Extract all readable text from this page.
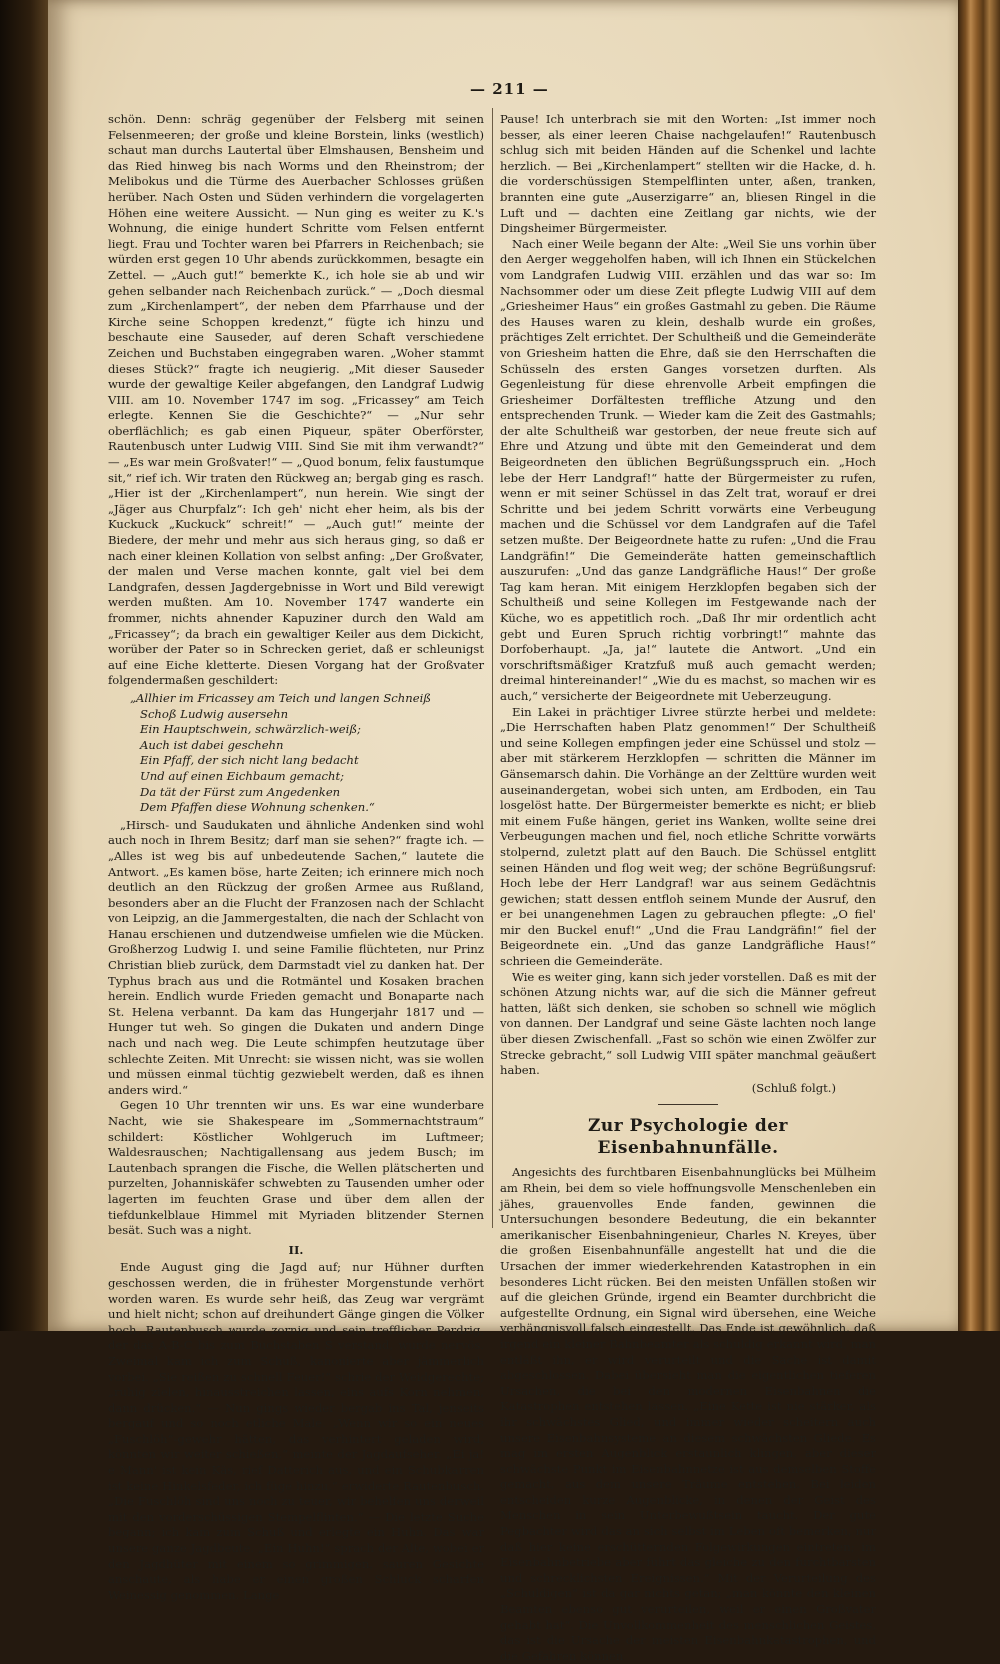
— 211 —

schön. Denn: schräg gegenüber der Felsberg mit seinen Felsenmeeren; der große und kleine Borstein, links (westlich) schaut man durchs Lautertal über Elmshausen, Bensheim und das Ried hinweg bis nach Worms und den Rheinstrom; der Melibokus und die Türme des Auerbacher Schlosses grüßen herüber. Nach Osten und Süden verhindern die vorgelagerten Höhen eine weitere Aussicht. — Nun ging es weiter zu K.'s Wohnung, die einige hundert Schritte vom Felsen entfernt liegt. Frau und Tochter waren bei Pfarrers in Reichenbach; sie würden erst gegen 10 Uhr abends zurückkommen, besagte ein Zettel. — „Auch gut!“ bemerkte K., ich hole sie ab und wir gehen selbander nach Reichenbach zurück.“ — „Doch diesmal zum „Kirchenlampert“, der neben dem Pfarrhause und der Kirche seine Schoppen kredenzt,“ fügte ich hinzu und beschaute eine Sauseder, auf deren Schaft verschiedene Zeichen und Buchstaben eingegraben waren. „Woher stammt dieses Stück?“ fragte ich neugierig. „Mit dieser Sauseder wurde der gewaltige Keiler abgefangen, den Landgraf Ludwig VIII. am 10. November 1747 im sog. „Fricassey“ am Teich erlegte. Kennen Sie die Geschichte?“ — „Nur sehr oberflächlich; es gab einen Piqueur, später Oberförster, Rautenbusch unter Ludwig VIII. Sind Sie mit ihm verwandt?“ — „Es war mein Großvater!“ — „Quod bonum, felix faustumque sit,“ rief ich. Wir traten den Rückweg an; bergab ging es rasch. „Hier ist der „Kirchenlampert“, nun herein. Wie singt der „Jäger aus Churpfalz“: Ich geh' nicht eher heim, als bis der Kuckuck „Kuckuck“ schreit!“ — „Auch gut!“ meinte der Biedere, der mehr und mehr aus sich heraus ging, so daß er nach einer kleinen Kollation von selbst anfing: „Der Großvater, der malen und Verse machen konnte, galt viel bei dem Landgrafen, dessen Jagdergebnisse in Wort und Bild verewigt werden mußten. Am 10. November 1747 wanderte ein frommer, nichts ahnender Kapuziner durch den Wald am „Fricassey“; da brach ein gewaltiger Keiler aus dem Dickicht, worüber der Pater so in Schrecken geriet, daß er schleunigst auf eine Eiche kletterte. Diesen Vorgang hat der Großvater folgendermaßen geschildert:

„Allhier im Fricassey am Teich und langen Schneiß
Schoß Ludwig ausersehn
Ein Hauptschwein, schwärzlich-weiß;
Auch ist dabei geschehn
Ein Pfaff, der sich nicht lang bedacht
Und auf einen Eichbaum gemacht;
Da tät der Fürst zum Angedenken
Dem Pfaffen diese Wohnung schenken.“

„Hirsch- und Saudukaten und ähnliche Andenken sind wohl auch noch in Ihrem Besitz; darf man sie sehen?“ fragte ich. — „Alles ist weg bis auf unbedeutende Sachen,“ lautete die Antwort. „Es kamen böse, harte Zeiten; ich erinnere mich noch deutlich an den Rückzug der großen Armee aus Rußland, besonders aber an die Flucht der Franzosen nach der Schlacht von Leipzig, an die Jammergestalten, die nach der Schlacht von Hanau erschienen und dutzendweise umfielen wie die Mücken. Großherzog Ludwig I. und seine Familie flüchteten, nur Prinz Christian blieb zurück, dem Darmstadt viel zu danken hat. Der Typhus brach aus und die Rotmäntel und Kosaken brachen herein. Endlich wurde Frieden gemacht und Bonaparte nach St. Helena verbannt. Da kam das Hungerjahr 1817 und — Hunger tut weh. So gingen die Dukaten und andern Dinge nach und nach weg. Die Leute schimpfen heutzutage über schlechte Zeiten. Mit Unrecht: sie wissen nicht, was sie wollen und müssen einmal tüchtig gezwiebelt werden, daß es ihnen anders wird.“

Gegen 10 Uhr trennten wir uns. Es war eine wunderbare Nacht, wie sie Shakespeare im „Sommernachtstraum“ schildert: Köstlicher Wohlgeruch im Luftmeer; Waldesrauschen; Nachtigallensang aus jedem Busch; im Lautenbach sprangen die Fische, die Wellen plätscherten und purzelten, Johanniskäfer schwebten zu Tausenden umher oder lagerten im feuchten Grase und über dem allen der tiefdunkelblaue Himmel mit Myriaden blitzender Sternen besät. Such was a night.

II.

Ende August ging die Jagd auf; nur Hühner durften geschossen werden, die in frühester Morgenstunde verhört worden waren. Es wurde sehr heiß, das Zeug war vergrämt und hielt nicht; schon auf dreihundert Gänge gingen die Völker hoch. Rautenbusch wurde zornig und sein trefflicher Perdrig, der das A-B-C bis zum Buchstaben S verstand, wurde nervös. Zweimal kam ich zum Schuß, kanonierte aber jämmerlich vorbei. „Sie reißen zu schnell Feuer!“ schrie der Weidgerechte; „ruhig zielen, hinausstreichen lassen, eins aufs Korn nehmen, dann drücken.“ — Nun gings wieder bergab ins Tal, jenseits bergauf und so noch etliche Male. „Wenn wir so ein neues „Fuschlöh“-gewehr hätten, das verhintert geladen wird, könnten wir weiter schießen,“ meinte der Jagdaufseher. „Ei ja! e Mann' ist kein Käs, rief Datterich aus, und ein Schubkarren ist keine Hinkelsfeder, ich füge hinzu,“ erwiderte Rautenbusch. „Die Fuschlöh sind uns noch zu teuer, wir behelfen uns derweil mit den vorderschüssigen Stempelflinten.“ — Die letzte Suche begann; ich kam zum Schuß und erlegte ein Huhn. Das war unsere ganze Jagdbeute. „Ein Huhn!“ sprach der Alte, wobei er den Jagdhüter mit einem so grimmigen, sauren Gesichte anschaute, als habe er einen großen Schluck scharfen Weinessig genommen. Lange

Pause! Ich unterbrach sie mit den Worten: „Ist immer noch besser, als einer leeren Chaise nachgelaufen!“ Rautenbusch schlug sich mit beiden Händen auf die Schenkel und lachte herzlich. — Bei „Kirchenlampert“ stellten wir die Hacke, d. h. die vorderschüssigen Stempelflinten unter, aßen, tranken, brannten eine gute „Auserzigarre“ an, bliesen Ringel in die Luft und — dachten eine Zeitlang gar nichts, wie der Dingsheimer Bürgermeister.

Nach einer Weile begann der Alte: „Weil Sie uns vorhin über den Aerger weggeholfen haben, will ich Ihnen ein Stückelchen vom Landgrafen Ludwig VIII. erzählen und das war so: Im Nachsommer oder um diese Zeit pflegte Ludwig VIII auf dem „Griesheimer Haus“ ein großes Gastmahl zu geben. Die Räume des Hauses waren zu klein, deshalb wurde ein großes, prächtiges Zelt errichtet. Der Schultheiß und die Gemeinderäte von Griesheim hatten die Ehre, daß sie den Herrschaften die Schüsseln des ersten Ganges vorsetzen durften. Als Gegenleistung für diese ehrenvolle Arbeit empfingen die Griesheimer Dorfältesten treffliche Atzung und den entsprechenden Trunk. — Wieder kam die Zeit des Gastmahls; der alte Schultheiß war gestorben, der neue freute sich auf Ehre und Atzung und übte mit den Gemeinderat und dem Beigeordneten den üblichen Begrüßungsspruch ein. „Hoch lebe der Herr Landgraf!“ hatte der Bürgermeister zu rufen, wenn er mit seiner Schüssel in das Zelt trat, worauf er drei Schritte und bei jedem Schritt vorwärts eine Verbeugung machen und die Schüssel vor dem Landgrafen auf die Tafel setzen mußte. Der Beigeordnete hatte zu rufen: „Und die Frau Landgräfin!“ Die Gemeinderäte hatten gemeinschaftlich auszurufen: „Und das ganze Landgräfliche Haus!“ Der große Tag kam heran. Mit einigem Herzklopfen begaben sich der Schultheiß und seine Kollegen im Festgewande nach der Küche, wo es appetitlich roch. „Daß Ihr mir ordentlich acht gebt und Euren Spruch richtig vorbringt!“ mahnte das Dorfoberhaupt. „Ja, ja!“ lautete die Antwort. „Und ein vorschriftsmäßiger Kratzfuß muß auch gemacht werden; dreimal hintereinander!“ „Wie du es machst, so machen wir es auch,“ versicherte der Beigeordnete mit Ueberzeugung.

Ein Lakei in prächtiger Livree stürzte herbei und meldete: „Die Herrschaften haben Platz genommen!“ Der Schultheiß und seine Kollegen empfingen jeder eine Schüssel und stolz — aber mit stärkerem Herzklopfen — schritten die Männer im Gänsemarsch dahin. Die Vorhänge an der Zelttüre wurden weit auseinandergetan, wobei sich unten, am Erdboden, ein Tau losgelöst hatte. Der Bürgermeister bemerkte es nicht; er blieb mit einem Fuße hängen, geriet ins Wanken, wollte seine drei Verbeugungen machen und fiel, noch etliche Schritte vorwärts stolpernd, zuletzt platt auf den Bauch. Die Schüssel entglitt seinen Händen und flog weit weg; der schöne Begrüßungsruf: Hoch lebe der Herr Landgraf! war aus seinem Gedächtnis gewichen; statt dessen entfloh seinem Munde der Ausruf, den er bei unangenehmen Lagen zu gebrauchen pflegte: „O fiel' mir den Buckel enuf!“ „Und die Frau Landgräfin!“ fiel der Beigeordnete ein. „Und das ganze Landgräfliche Haus!“ schrieen die Gemeinderäte.

Wie es weiter ging, kann sich jeder vorstellen. Daß es mit der schönen Atzung nichts war, auf die sich die Männer gefreut hatten, läßt sich denken, sie schoben so schnell wie möglich von dannen. Der Landgraf und seine Gäste lachten noch lange über diesen Zwischenfall. „Fast so schön wie einen Zwölfer zur Strecke gebracht,“ soll Ludwig VIII später manchmal geäußert haben.

(Schluß folgt.)
Zur Psychologie der Eisenbahnunfälle.

Angesichts des furchtbaren Eisenbahnunglücks bei Mülheim am Rhein, bei dem so viele hoffnungsvolle Menschenleben ein jähes, grauenvolles Ende fanden, gewinnen die Untersuchungen besondere Bedeutung, die ein bekannter amerikanischer Eisenbahningenieur, Charles N. Kreyes, über die großen Eisenbahnunfälle angestellt hat und die die Ursachen der immer wiederkehrenden Katastrophen in ein besonderes Licht rücken. Bei den meisten Unfällen stoßen wir auf die gleichen Gründe, irgend ein Beamter durchbricht die aufgestellte Ordnung, ein Signal wird übersehen, eine Weiche verhängnisvoll falsch eingestellt. Das Ende ist gewöhnlich, daß irgend ein kleiner Bahnbeamter als schuldig erkannt wird, man entläßt ihn, er wird verurteilt und die Sache ist damit abgeschlossen. Dabei übersieht man die eigentlichen tieferen Ursachen, die bei den modernen Eisenbahnen die Katastrophen entstehen lassen. „Eine Kette ist nie stärker, als ihr schwächstes Glied, und immer wieder scheitern auch unsere Eisenbahnsysteme an diesem schwächsten Gliede. Es mag im ersten Augenblick erstaunlich klingen, aber dieser schwächste Punkt im Eisenbahnnetze ist aus demselben Stoffe gemacht, aus dem unsere Träume entstehen. Bei leiden entscheiden kurze Augenblicke, in denen der Geist des Menschen in sein Unterbewußtsein taucht. Der gute Pegbachter wird das an sich selbst im Leben oft bemerken, nur daß hier keine erschütternden Folgewirkungen eintreten; im Eisenbahnbetriebe aber führt das gleiche zu den furchtbarsten und schrecklichsten Ereignissen.“ Mit der Verurteilung des „Schuldigen“ ist da gar nichts getan; „man könnte den kleinen Beamten ebenso gut verurteilen, weil er einen Großvater gehabt hat“. Die Unvollkommenheit des menschlichen Geistes, das ist die Ursache der meisten Eisenbahnkatastrophen, und die Gefahren können
